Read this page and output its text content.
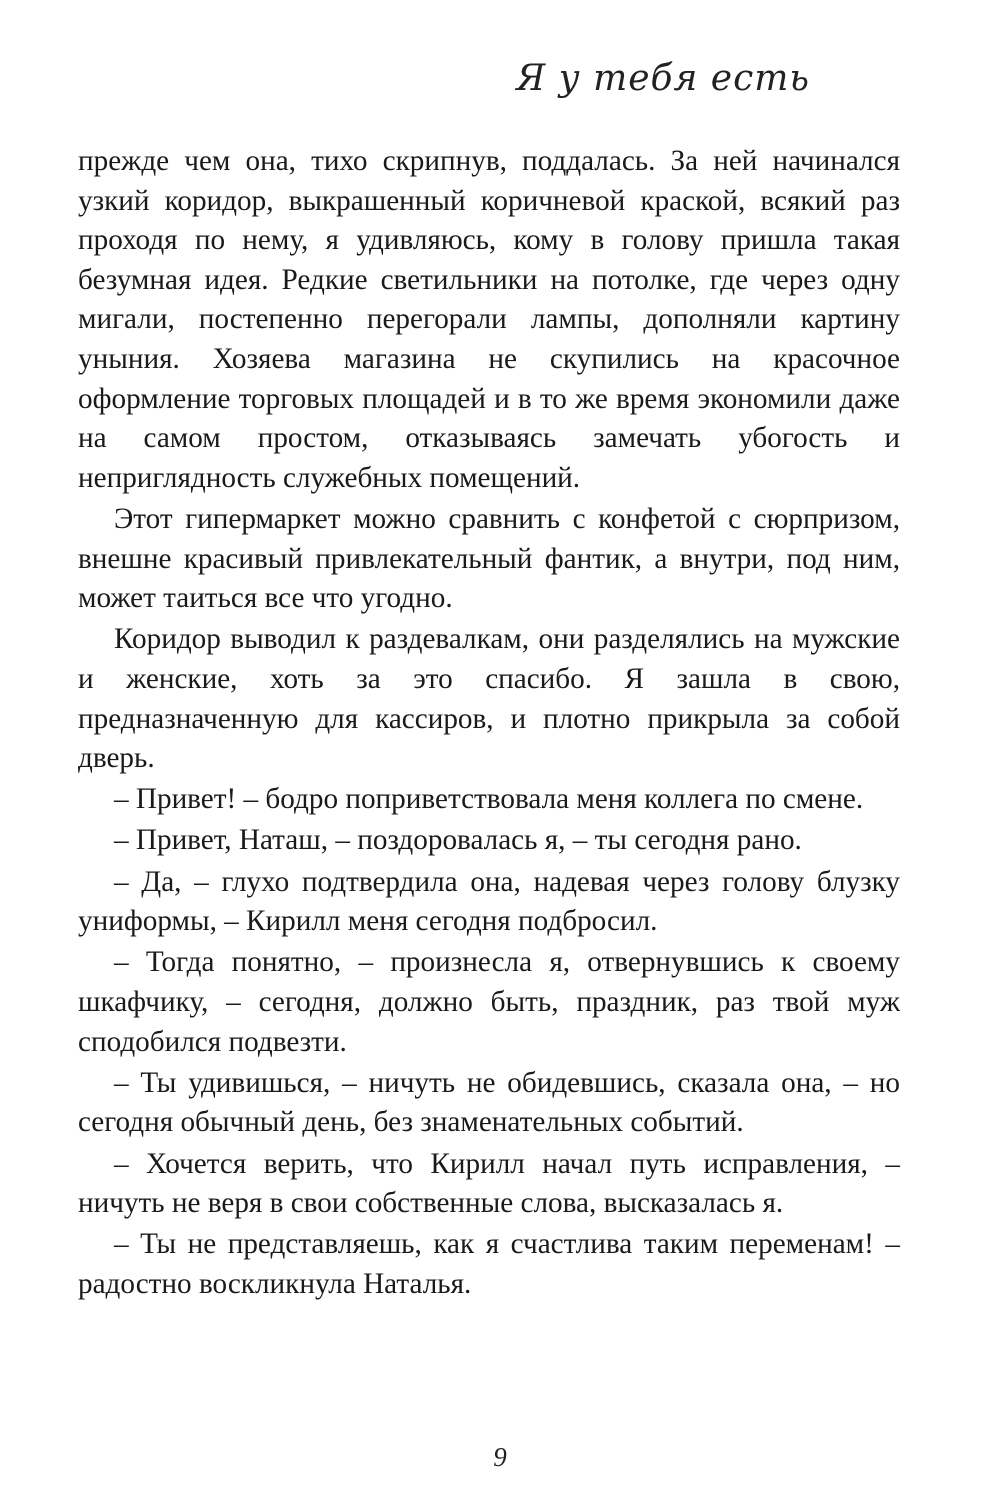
Я у тебя есть

прежде чем она, тихо скрипнув, поддалась. За ней начинался узкий коридор, выкрашенный коричневой краской, всякий раз проходя по нему, я удивляюсь, кому в голову пришла такая безумная идея. Редкие светильники на потолке, где через одну мигали, постепенно перегорали лампы, дополняли картину уныния. Хозяева магазина не скупились на красочное оформление торговых площадей и в то же время экономили даже на самом простом, отказываясь замечать убогость и неприглядность служебных помещений.

Этот гипермаркет можно сравнить с конфетой с сюрпризом, внешне красивый привлекательный фантик, а внутри, под ним, может таиться все что угодно.

Коридор выводил к раздевалкам, они разделялись на мужские и женские, хоть за это спасибо. Я зашла в свою, предназначенную для кассиров, и плотно прикрыла за собой дверь.

– Привет! – бодро поприветствовала меня коллега по смене.

– Привет, Наташ, – поздоровалась я, – ты сегодня рано.

– Да, – глухо подтвердила она, надевая через голову блузку униформы, – Кирилл меня сегодня подбросил.

– Тогда понятно, – произнесла я, отвернувшись к своему шкафчику, – сегодня, должно быть, праздник, раз твой муж сподобился подвезти.

– Ты удивишься, – ничуть не обидевшись, сказала она, – но сегодня обычный день, без знаменательных событий.

– Хочется верить, что Кирилл начал путь исправления, – ничуть не веря в свои собственные слова, высказалась я.

– Ты не представляешь, как я счастлива таким переменам! – радостно воскликнула Наталья.

9
